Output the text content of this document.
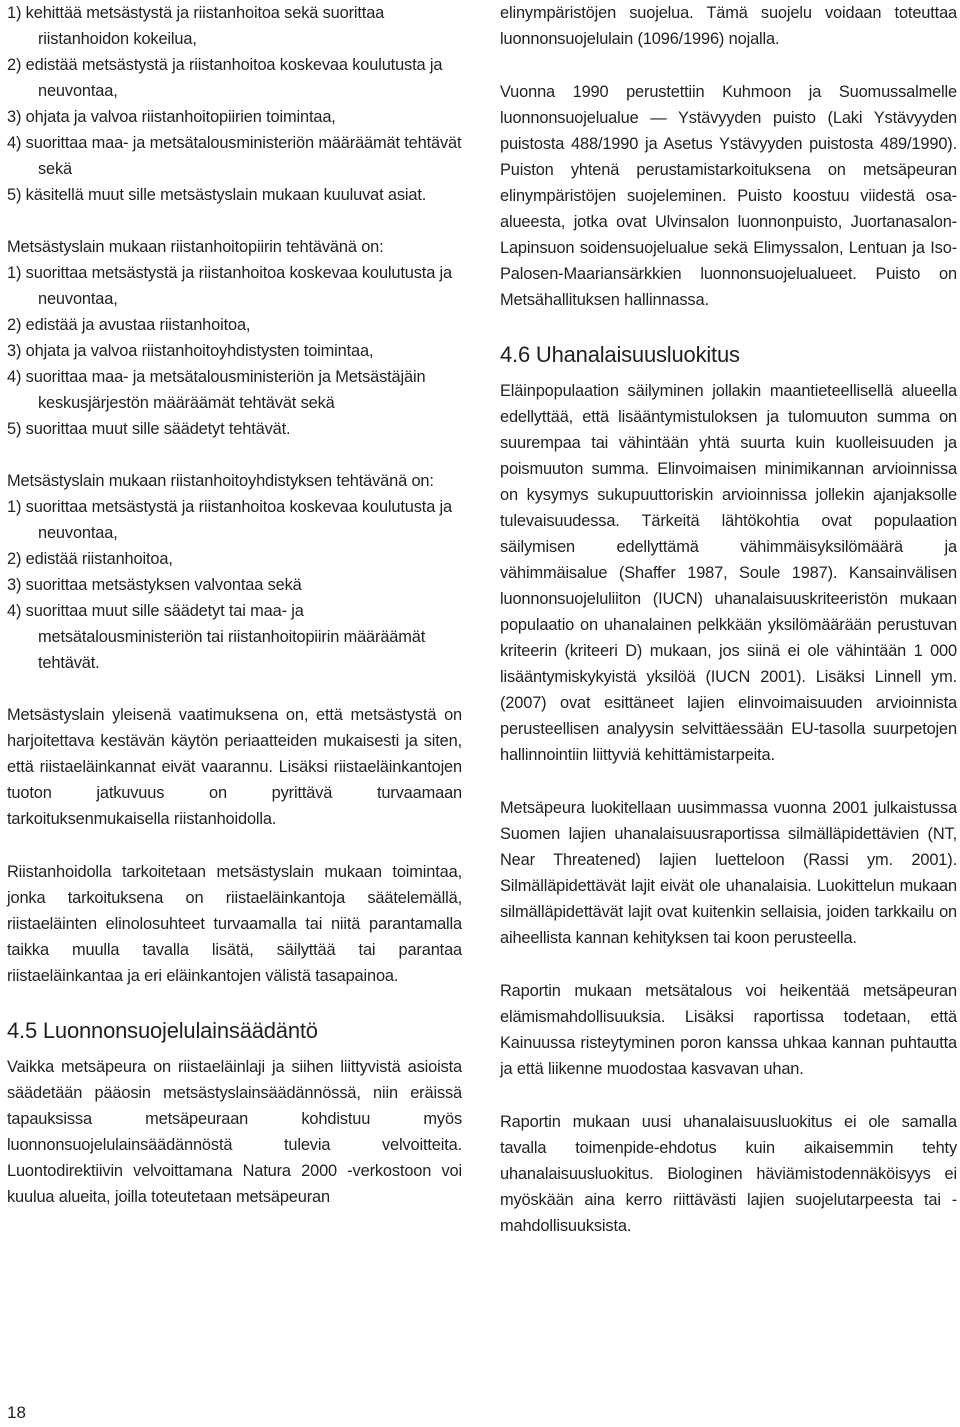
1) kehittää metsästystä ja riistanhoitoa sekä suorittaa riistanhoidon kokeilua,
2) edistää metsästystä ja riistanhoitoa koskevaa koulutusta ja neuvontaa,
3) ohjata ja valvoa riistanhoitopiirien toimintaa,
4) suorittaa maa- ja metsätalousministeriön määräämät tehtävät sekä
5) käsitellä muut sille metsästyslain mukaan kuuluvat asiat.

Metsästyslain mukaan riistanhoitopiirin tehtävänä on:

1) suorittaa metsästystä ja riistanhoitoa koskevaa koulutusta ja neuvontaa,
2) edistää ja avustaa riistanhoitoa,
3) ohjata ja valvoa riistanhoitoyhdistysten toimintaa,
4) suorittaa maa- ja metsätalousministeriön ja Metsästäjäin keskusjärjestön määräämät tehtävät sekä
5) suorittaa muut sille säädetyt tehtävät.

Metsästyslain mukaan riistanhoitoyhdistyksen tehtävänä on:

1) suorittaa metsästystä ja riistanhoitoa koskevaa koulutusta ja neuvontaa,
2) edistää riistanhoitoa,
3) suorittaa metsästyksen valvontaa sekä
4) suorittaa muut sille säädetyt tai maa- ja metsätalousministeriön tai riistanhoitopiirin määräämät tehtävät.

Metsästyslain yleisenä vaatimuksena on, että metsästystä on harjoitettava kestävän käytön periaatteiden mukaisesti ja siten, että riistaeläinkannat eivät vaarannu. Lisäksi riistaeläinkantojen tuoton jatkuvuus on pyrittävä turvaamaan tarkoituksenmukaisella riistanhoidolla.

Riistanhoidolla tarkoitetaan metsästyslain mukaan toimintaa, jonka tarkoituksena on riistaeläinkantoja säätelemällä, riistaeläinten elinolosuhteet turvaamalla tai niitä parantamalla taikka muulla tavalla lisätä, säilyttää tai parantaa riistaeläinkantaa ja eri eläinkantojen välistä tasapainoa.

4.5 Luonnonsuojelulainsäädäntö

Vaikka metsäpeura on riistaeläinlaji ja siihen liittyvistä asioista säädetään pääosin metsästyslainsäädännössä, niin eräissä tapauksissa metsäpeuraan kohdistuu myös luonnonsuojelulainsäädännöstä tulevia velvoitteita. Luontodirektiivin velvoittamana Natura 2000 -verkostoon voi kuulua alueita, joilla toteutetaan metsäpeuran

elinympäristöjen suojelua. Tämä suojelu voidaan toteuttaa luonnonsuojelulain (1096/1996) nojalla.

Vuonna 1990 perustettiin Kuhmoon ja Suomussalmelle luonnonsuojelualue — Ystävyyden puisto (Laki Ystävyyden puistosta 488/1990 ja Asetus Ystävyyden puistosta 489/1990). Puiston yhtenä perustamistarkoituksena on metsäpeuran elinympäristöjen suojeleminen. Puisto koostuu viidestä osa-alueesta, jotka ovat Ulvinsalon luonnonpuisto, Juortanasalon-Lapinsuon soidensuojelualue sekä Elimyssalon, Lentuan ja Iso-Palosen-Maariansärkkien luonnonsuojelualueet. Puisto on Metsähallituksen hallinnassa.

4.6 Uhanalaisuusluokitus

Eläinpopulaation säilyminen jollakin maantieteellisellä alueella edellyttää, että lisääntymistuloksen ja tulomuuton summa on suurempaa tai vähintään yhtä suurta kuin kuolleisuuden ja poismuuton summa. Elinvoimaisen minimikannan arvioinnissa on kysymys sukupuuttoriskin arvioinnissa jollekin ajanjaksolle tulevaisuudessa. Tärkeitä lähtökohtia ovat populaation säilymisen edellyttämä vähimmäisyksilömäärä ja vähimmäisalue (Shaffer 1987, Soule 1987). Kansainvälisen luonnonsuojeluliiton (IUCN) uhanalaisuuskriteeristön mukaan populaatio on uhanalainen pelkkään yksilömäärään perustuvan kriteerin (kriteeri D) mukaan, jos siinä ei ole vähintään 1 000 lisääntymiskykyistä yksilöä (IUCN 2001). Lisäksi Linnell ym. (2007) ovat esittäneet lajien elinvoimaisuuden arvioinnista perusteellisen analyysin selvittäessään EU-tasolla suurpetojen hallinnointiin liittyviä kehittämistarpeita.

Metsäpeura luokitellaan uusimmassa vuonna 2001 julkaistussa Suomen lajien uhanalaisuusraportissa silmälläpidettävien (NT, Near Threatened) lajien luetteloon (Rassi ym. 2001). Silmälläpidettävät lajit eivät ole uhanalaisia. Luokittelun mukaan silmälläpidettävät lajit ovat kuitenkin sellaisia, joiden tarkkailu on aiheellista kannan kehityksen tai koon perusteella.

Raportin mukaan metsätalous voi heikentää metsäpeuran elämismahdollisuuksia. Lisäksi raportissa todetaan, että Kainuussa risteytyminen poron kanssa uhkaa kannan puhtautta ja että liikenne muodostaa kasvavan uhan.

Raportin mukaan uusi uhanalaisuusluokitus ei ole samalla tavalla toimenpide-ehdotus kuin aikaisemmin tehty uhanalaisuusluokitus. Biologinen häviämistodennäköisyys ei myöskään aina kerro riittävästi lajien suojelutarpeesta tai -mahdollisuuksista.

18
